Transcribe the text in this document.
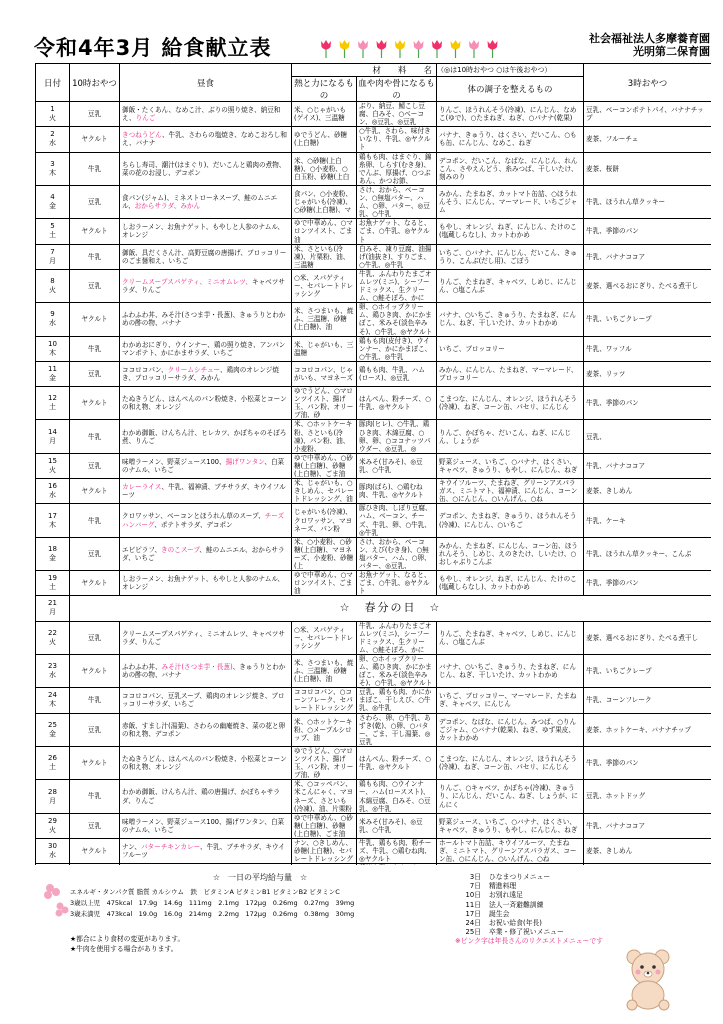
令和4年3月 給食献立表	社会福祉法人多摩養育園
光明第二保育園
日付	10時おやつ	昼食	材　　料　　名		（◎は10時おやつ ○は午後おやつ）	3時おやつ
			熱と力になるもの	血や肉や骨になるもの	体の調子を整えるもの	

1
火	豆乳	御飯・たくあん、なめこ汁、ぶりの照り焼き、納豆和え、りんご	米、○じゃがいも(ゲイス)、三温糖	ぶり、納豆、鯖こし豆腐、白みそ、○ベーコン、◎豆乳、◎豆乳	りんご、ほうれんそう(冷凍)、にんじん、なめこ(ゆで)、○たまねぎ、ねぎ、○パナナ(乾果)	豆乳、ベーコンポテトパイ、バナナチップ

2
水	ヤクルト	きつねうどん、牛乳、さわらの塩焼き、なめこおろし和え、バナナ	ゆでうどん、砂糖(上白糖)	○牛乳、さわら、味付きいなり、牛乳、◎ヤクルト	バナナ、きゅうり、はくさい、だいこん、○もも缶、にんじん、なめこ、ねぎ	麦茶、フルーチェ

3
木	牛乳	ちらし寿司、潮汁(はまぐり)、だいこんと鶏肉の煮物、菜の花のお浸し、デコポン	米、○砂糖(上白糖)、○小麦粉、○白玉粉、砂糖(上白	鶏もも肉、はまぐり、錦糸卵、しらす(むき身)、でんぶ、厚揚げ、○つぶあん、かつお節、	デコポン、だいこん、なばな、にんじん、れんこん、さやえんどう、糸みつば、干しいたけ、刻みのり	麦茶、桜餅

4
金	豆乳	食パン(ジャム)、ミネストローネスープ、鮭のムニエル、おからサラダ、みかん	食パン、○小麦粉、じゃがいも(冷凍)、○砂糖(上白糖)、マ	さけ、おから、ベーコン、○無塩バター、ハム、○卵、バター、◎豆乳、○牛乳	みかん、たまねぎ、カットマト缶詰、○ほうれんそう、にんじん、マーマレード、いちごジャム	牛乳、ほうれん草クッキー

5
土	ヤクルト	しおラーメン、お魚ナゲット、もやしと人参のナムル、オレンジ	ゆで中華めん、○マロンツイスト、ごま油	お魚ナゲット、なると、ごま、○牛乳、◎ヤクルト	もやし、オレンジ、ねぎ、にんじん、たけのこ(塩蔵しらなし)、カットわかめ	牛乳、季節のパン

7
月	牛乳	御飯、具だくさん汁、高野豆腐の唐揚げ、ブロッコリーのごま醤和え、いちご	米、さといも(冷凍)、片栗粉、油、三温糖	白みそ、凍り豆腐、油揚げ(油抜き)、すりごま、○牛乳、◎牛乳	いちご、○バナナ、にんじん、だいこん、きゅうり、こんぶ(だし用)、ごぼう	牛乳、バナナココア

8
火	豆乳	クリームスープスパゲティ、ミニオムレツ、キャベツサラダ、りんご	○米、スパゲティー、セパレートドレッシング	牛乳、ふんわりたまごオムレツ(ミニ)、シーフードミックス、生クリーム、○鮭そぼろ、かに	りんご、たまねぎ、キャベツ、しめじ、にんじん、○塩こんぶ	麦茶、選べるおにぎり、たべる煮干し

9
水	ヤクルト	ふわふわ丼、みそ汁(さつま芋・長葱)、きゅうりとわかめの酢の物、バナナ	米、さつまいも、焼ふ、三温糖、砂糖(上白糖)、油	卵、○ホイップクリーム、鶏ひき肉、かにかまぼこ、米みそ(淡色辛みそ)、○牛乳、◎ヤクルト	バナナ、○いちご、きゅうり、たまねぎ、にんじん、ねぎ、干しいたけ、カットわかめ	牛乳、いちごクレープ

10
木	牛乳	わかめおにぎり、ウインナー、鶏の照り焼き、アンパンマンポテト、かにかまサラダ、いちご	米、じゃがいも、三温糖	鶏もも肉(皮付き)、ウインナー、かにかまぼこ、○牛乳、◎牛乳	いちご、ブロッコリー	牛乳、ワッフル

11
金	豆乳	ココロコパン、クリームシチュー、鶏肉のオレンジ焼き、ブロッコリーサラダ、みかん	ココロコパン、じゃがいも、マヨネーズ	鶏もも肉、牛乳、ハム(ロース)、◎豆乳	みかん、にんじん、たまねぎ、マーマレード、ブロッコリー	麦茶、リッツ

12
土	ヤクルト	たぬきうどん、はんぺんのパン粉焼き、小松菜とコーンの和え物、オレンジ	ゆでうどん、○マロンツイスト、揚げ玉、パン粉、オリーブ油、砂	はんぺん、粉チーズ、○牛乳、◎ヤクルト	こまつな、にんじん、オレンジ、ほうれんそう(冷凍)、ねぎ、コーン缶、パセリ、にんじん	牛乳、季節のパン

14
月	牛乳	わかめ御飯、けんちん汁、ヒレカツ、かぼちゃのそぼろ煮、りんご	米、○ホットケーキ粉、さといも(冷凍)、パン粉、油、小麦粉、	豚肉(ヒレ)、○牛乳、鶏ひき肉、木綿豆腐、○卵、卵、○ココナッツパウダー、◎豆乳、◎	りんご、かぼちゃ、だいこん、ねぎ、にんじん、しょうが	豆乳、

15
火	豆乳	味噌ラーメン、野菜ジュース100、揚げワンタン、白菜のナムル、いちご	ゆで中華めん、○砂糖(上白糖)、砂糖(上白糖)、ごま油	米みそ(甘みそ)、◎豆乳、○牛乳	野菜ジュース、いちご、○バナナ、はくさい、キャベツ、きゅうり、もやし、にんじん、ねぎ	牛乳、バナナココア

16
水	ヤクルト	カレーライス、牛乳、福神漬、ブチサラダ、キウイフルーツ	米、じゃがいも、○きしめん、セパレートドレッシング、油	豚肉(ばら)、○鶏むね肉、牛乳、◎ヤクルト	キウイフルーツ、たまねぎ、グリーンアスパラガス、ミニトマト、福神漬、にんじん、コーン缶、○にんじん、○いんげん、○ね	麦茶、きしめん

17
木	牛乳	クロワッサン、ベーコンとほうれん草のスープ、チーズハンバーグ、ポテトサラダ、デコポン	じゃがいも(冷凍)、クロワッサン、マヨネーズ、パン粉	豚ひき肉、しぼり豆腐、ハム、ベーコン、チーズ、牛乳、卵、○牛乳、◎牛乳	デコポン、たまねぎ、きゅうり、ほうれんそう(冷凍)、にんじん、○いちご	牛乳、ケーキ

18
金	豆乳	エビピラフ、きのこスープ、鮭のムニエル、おからサラダ、いちご	米、○小麦粉、○砂糖(上白糖)、マヨネーズ、小麦粉、砂糖(上	さけ、おから、ベーコン、えび(むき身)、○無塩バター、ハム、○卵、バター、◎豆乳、	みかん、たまねぎ、にんじん、コーン缶、ほうれんそう、しめじ、えのきたけ、しいたけ、○おしゃぶりこんぶ	牛乳、ほうれん草クッキー、こんぶ

19
土	ヤクルト	しおラーメン、お魚ナゲット、もやしと人参のナムル、オレンジ	ゆで中華めん、○マロンツイスト、ごま油	お魚ナゲット、なると、ごま、○牛乳、◎ヤクルト	もやし、オレンジ、ねぎ、にんじん、たけのこ(塩蔵しらなし)、カットわかめ	牛乳、季節のパン

21
月	☆　春分の日　☆					

22
火	豆乳	クリームスープスパゲティ、ミニオムレツ、キャベツサラダ、りんご	○米、スパゲティー、セパレートドレッシング	牛乳、ふんわりたまごオムレツ(ミニ)、シーフードミックス、生クリーム、○鮭そぼろ、かに	りんご、たまねぎ、キャベツ、しめじ、にんじん、○塩こんぶ	麦茶、選べるおにぎり、たべる煮干し

23
水	ヤクルト	ふわふわ丼、みそ汁(さつま芋・長葱)、きゅうりとわかめの酢の物、バナナ	米、さつまいも、焼ふ、三温糖、砂糖(上白糖)、油	卵、○ホイップクリーム、鶏ひき肉、かにかまぼこ、米みそ(淡色辛みそ)、○牛乳、◎ヤクルト	バナナ、○いちご、きゅうり、たまねぎ、にんじん、ねぎ、干しいたけ、カットわかめ	牛乳、いちごクレープ

24
木	牛乳	ココロコパン、豆乳スープ、鶏肉のオレンジ焼き、ブロッコリーサラダ、いちご	ココロコパン、○コーンフレーク、セパレートドレッシング	豆乳、鶏もも肉、かにかまぼこ、干しえび、○牛乳、◎牛乳	いちご、ブロッコリー、マーマレード、たまねぎ、キャベツ、にんじん	牛乳、コーンフレーク

25
金	豆乳	赤飯、すまし汁(湯葉)、さわらの幽庵焼き、菜の花と卵の和え物、デコポン	米、○ホットケーキ粉、○メープルシロップ、油	さわら、卵、○牛乳、あずき(乾)、○卵、○バター、ごま、干し湯葉、◎豆乳	デコポン、なばな、にんじん、みつば、○りんごジャム、○バナナ(乾果)、ねぎ、ゆず果皮、カットわかめ	麦茶、ホットケーキ、バナナチップ

26
土	ヤクルト	たぬきうどん、はんぺんのパン粉焼き、小松菜とコーンの和え物、オレンジ	ゆでうどん、○マロンツイスト、揚げ玉、パン粉、オリーブ油、砂	はんぺん、粉チーズ、○牛乳、◎ヤクルト	こまつな、にんじん、オレンジ、ほうれんそう(冷凍)、ねぎ、コーン缶、パセリ、にんじん	牛乳、季節のパン

28
月	牛乳	わかめ御飯、けんちん汁、鶏の唐揚げ、かぼちゃサラダ、りんご	米、○コッペパン、米こんにゃく、マヨネーズ、さといも(冷凍)、油、片栗粉	鶏もも肉、○ウインナー、ハム(ローススト)、木綿豆腐、白みそ、○豆乳、◎牛乳	りんご、○キャベツ、かぼちゃ(冷凍)、きゅうり、にんじん、だいこん、ねぎ、しょうが、にんにく	豆乳、ホットドッグ

29
火	豆乳	味噌ラーメン、野菜ジュース100、揚げワンタン、白菜のナムル、いちご	ゆで中華めん、○砂糖(上白糖)、砂糖(上白糖)、ごま油	米みそ(甘みそ)、◎豆乳、○牛乳	野菜ジュース、いちご、○バナナ、はくさい、キャベツ、きゅうり、もやし、にんじん、ねぎ	牛乳、バナナココア

30
水	ヤクルト	ナン、バターチキンカレー、牛乳、ブチサラダ、キウイフルーツ	ナン、○きしめん、砂糖(上白糖)、セパレートドレッシング	牛乳、鶏もも肉、粉チーズ、牛乳、○鶏むね肉、◎ヤクルト	ホールトマト缶詰、キウイフルーツ、たまねぎ、ミニトマト、グリーンアスパラガス、コーン缶、○にんじん、○いんげん、○ね	麦茶、きしめん

☆　一日の平均給与量　☆
エネルギ・タンパク質 脂質 カルシウム　鉄　ビタミンA ビタミンB1 ビタミンB2 ビタミンC
3歳以上児　475kcal　17.9g　14.6g　111mg　2.1mg　172μg　0.26mg　0.27mg　39mg
3歳未満児　473kcal　19.0g　16.0g　214mg　2.2mg　172μg　0.26mg　0.38mg　30mg
★都合により食材の変更があります。
★牛肉を使用する場合があります。
3日 ひなまつりメニュー
7日 精進料理
10日 お別れ遠足
11日 法人一斉避難訓練
17日 誕生会
24日 お祝い給食(年長)
25日 卒業・修了祝いメニュー
※ピンク字は年長さんのリクエストメニューです
